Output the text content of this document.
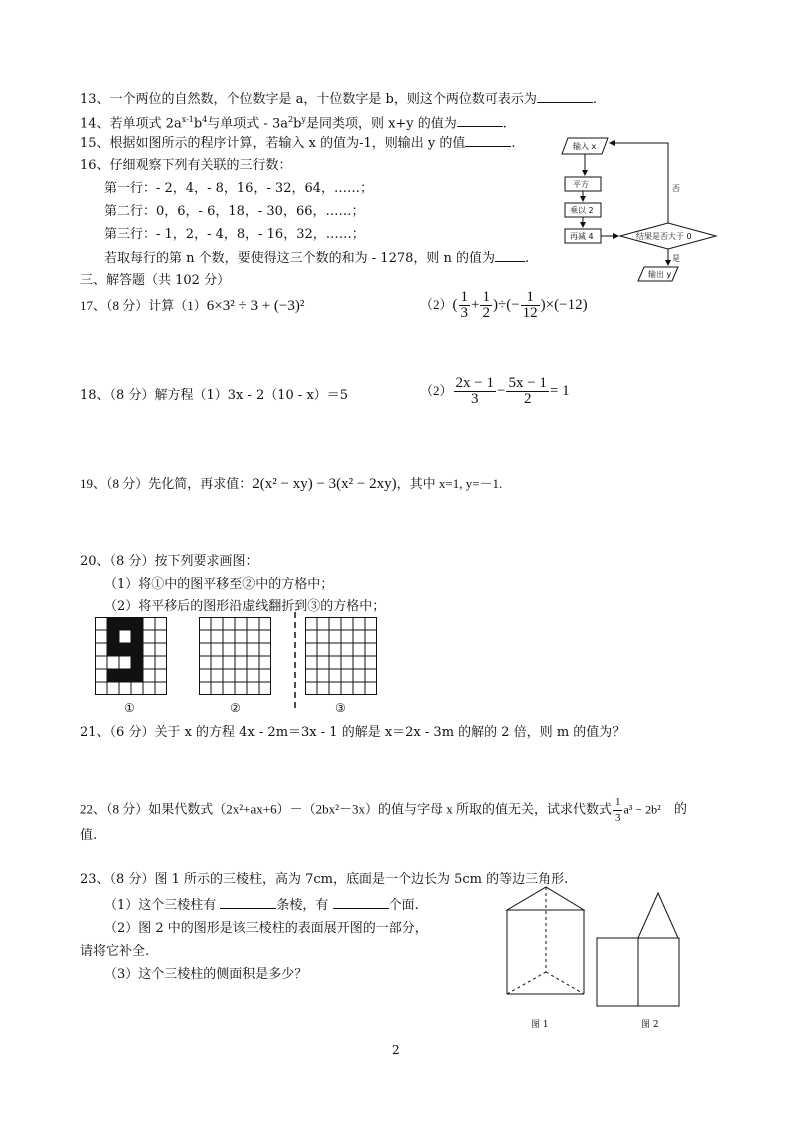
13、一个两位的自然数，个位数字是 a，十位数字是 b，则这个两位数可表示为	.
14、若单项式 $2a^{x-1}b^4$与单项式 - $3a^2b^y$是同类项，则 x+y 的值为	.
15、根据如图所示的程序计算，若输入 x 的值为-1，则输出 y 的值	.
16、仔细观察下列有关联的三行数：
第一行：- 2，4，- 8，16，- 32，64，……；
第二行：0，6，- 6，18，- 30，66，……；
第三行：- 1，2，- 4，8，- 16，32，……；
若取每行的第 n 个数，要使得这三个数的和为 - 1278，则 n 的值为 .
输入 x
平方
乘以 2
再减 4	结果是否大于 0
否
是
输出 y
三、解答题（共 102 分）
17、（8 分）计算（1）6×3² ÷ 3 + (−3)²	$(2)( \frac{1}{3} + \frac{1}{2}$ )÷(− $\frac{1}{12} )\times(-12)$
18、（8 分）解方程（1）3x - 2（10 - x）＝5	$(2) \frac{2x - 1}{3} - \frac{5x - 1}{2} = 1$
19、（8 分）先化简，再求值：2(x² − xy) − 3(x² − 2xy)，其中 x=1, y=－1.
20、（8 分）按下列要求画图：
（1）将①中的图平移至②中的方格中；
（2）将平移后的图形沿虚线翻折到③的方格中；
①	②	③
21、（6 分）关于 x 的方程 4x - 2m＝3x - 1 的解是 x＝2x - 3m 的解的 2 倍，则 m 的值为？
22、（8 分）如果代数式（2x²+ax+6）－（2bx²－3x）的值与字母 x 所取的值无关，试求代数式 $\frac{1}{3} a^3 - 2b^2$ 的
值.
23、（8 分）图 1 所示的三棱柱，高为 7cm，底面是一个边长为 5cm 的等边三角形.
（1）这个三棱柱有	条棱，有	个面.
（2）图 2 中的图形是该三棱柱的表面展开图的一部分，
请将它补全.
（3）这个三棱柱的侧面积是多少？
图 1	图 2
2
